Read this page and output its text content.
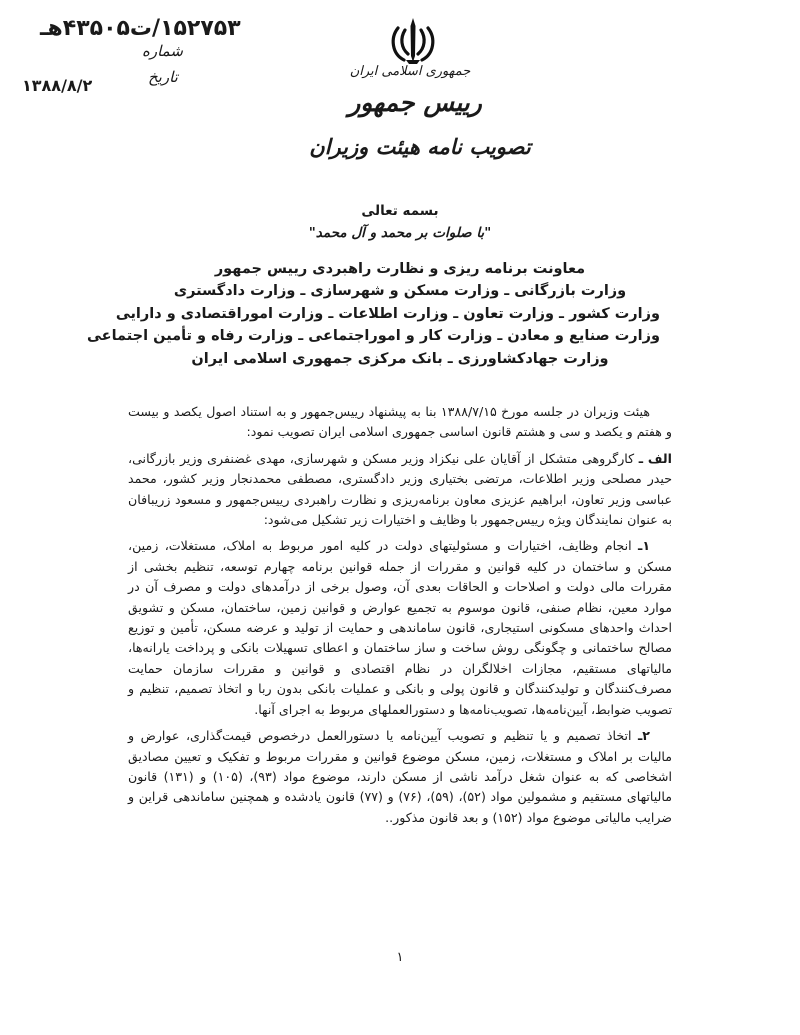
۱۵۲۷۵۳/ت۴۳۵۰۵هـ
شماره
تاریخ
۱۳۸۸/۸/۲
جمهوری اسلامی ایران
رییس جمهور
تصویب نامه هیئت وزیران
بسمه تعالی
"با صلوات بر محمد و آل محمد"
معاونت برنامه ریزی و نظارت راهبردی رییس جمهور
وزارت بازرگانی ـ وزارت مسکن و شهرسازی ـ وزارت دادگستری
وزارت کشور ـ وزارت تعاون ـ وزارت اطلاعات ـ وزارت اموراقتصادی و دارایی
وزارت صنایع و معادن ـ وزارت کار و اموراجتماعی ـ وزارت رفاه و تأمین اجتماعی
وزارت جهادکشاورزی ـ بانک مرکزی جمهوری اسلامی ایران

هیئت وزیران در جلسه مورخ ۱۳۸۸/۷/۱۵ بنا به پیشنهاد رییس‌جمهور و به استناد اصول یکصد و بیست و هفتم و یکصد و سی و هشتم قانون اساسی جمهوری اسلامی ایران تصویب نمود:

الف ـ کارگروهی متشکل از آقایان علی نیکزاد وزیر مسکن و شهرسازی، مهدی غضنفری وزیر بازرگانی، حیدر مصلحی وزیر اطلاعات، مرتضی بختیاری وزیر دادگستری، مصطفی محمدنجار وزیر کشور، محمد عباسی وزیر تعاون، ابراهیم عزیزی معاون برنامه‌ریزی و نظارت راهبردی رییس‌جمهور و مسعود زریبافان به عنوان نمایندگان ویژه رییس‌جمهور با وظایف و اختیارات زیر تشکیل می‌شود:

۱ـ انجام وظایف، اختیارات و مسئولیتهای دولت در کلیه امور مربوط به املاک، مستغلات، زمین، مسکن و ساختمان در کلیه قوانین و مقررات از جمله قوانین برنامه چهارم توسعه، تنظیم بخشی از مقررات مالی دولت و اصلاحات و الحاقات بعدی آن، وصول برخی از درآمدهای دولت و مصرف آن در موارد معین، نظام صنفی، قانون موسوم به تجمیع عوارض و قوانین زمین، ساختمان، مسکن و تشویق احداث واحدهای مسکونی استیجاری، قانون ساماندهی و حمایت از تولید و عرضه مسکن، تأمین و توزیع مصالح ساختمانی و چگونگی روش ساخت و ساز ساختمان و اعطای تسهیلات بانکی و پرداخت یارانه‌ها، مالیاتهای مستقیم، مجازات اخلالگران در نظام اقتصادی و قوانین و مقررات سازمان حمایت مصرف‌کنندگان و تولیدکنندگان و قانون پولی و بانکی و عملیات بانکی بدون ربا و اتخاذ تصمیم، تنظیم و تصویب ضوابط، آیین‌نامه‌ها، تصویب‌نامه‌ها و دستورالعملهای مربوط به اجرای آنها.

۲ـ اتخاذ تصمیم و یا تنظیم و تصویب آیین‌نامه یا دستورالعمل درخصوص قیمت‌گذاری، عوارض و مالیات بر املاک و مستغلات، زمین، مسکن موضوع قوانین و مقررات مربوط و تفکیک و تعیین مصادیق اشخاصی که به عنوان شغل درآمد ناشی از مسکن دارند، موضوع مواد (۹۳)، (۱۰۵) و (۱۳۱) قانون مالیاتهای مستقیم و مشمولین مواد (۵۲)، (۵۹)، (۷۶) و (۷۷) قانون یادشده و همچنین ساماندهی قراین و ضرایب مالیاتی موضوع مواد (۱۵۲) و بعد قانون مذکور..

۱
